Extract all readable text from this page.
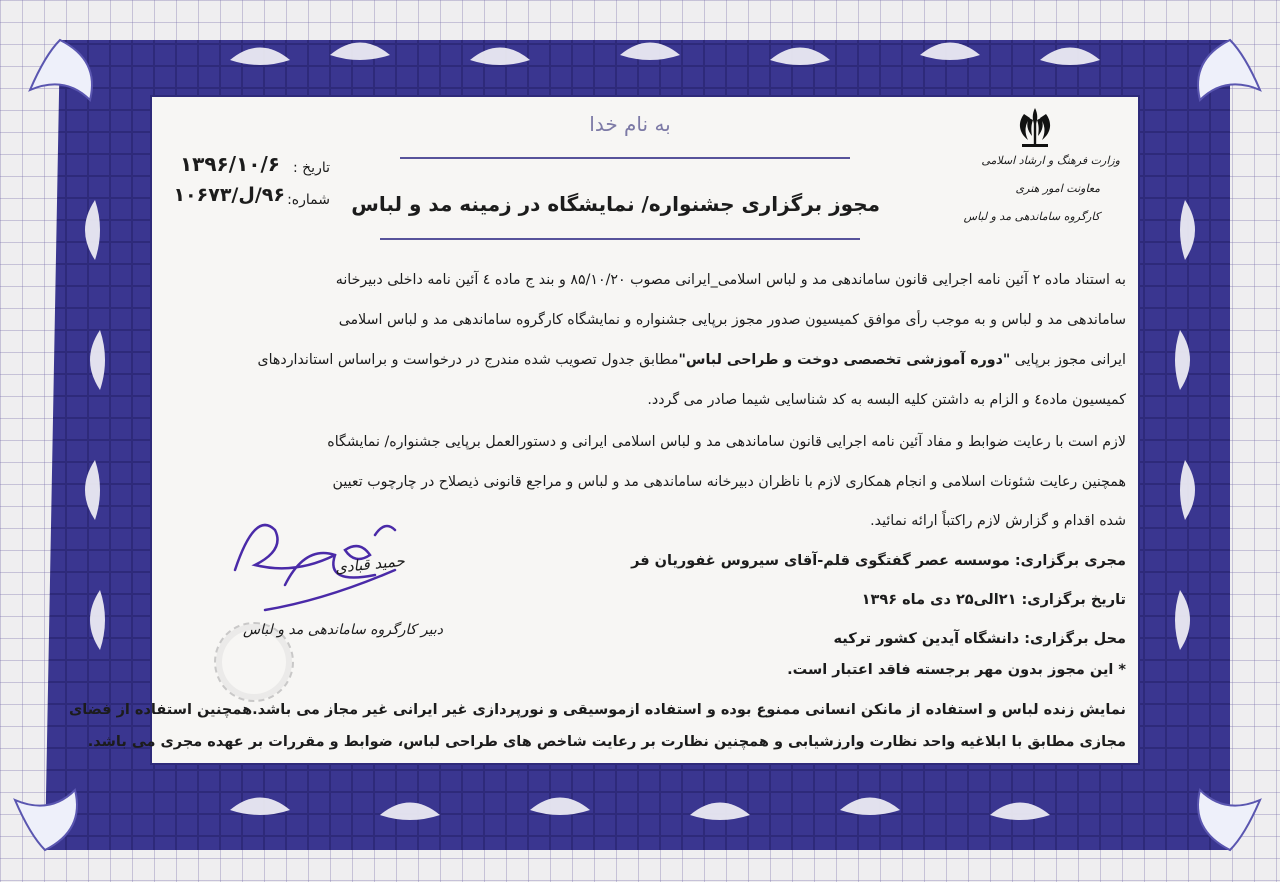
به نام خدا
مجوز برگزاری جشنواره/ نمایشگاه در زمینه مد و لباس
تاریخ :
۱۳۹۶/۱۰/۶
شماره:
۹۶/ل/۱۰۶۷۳
وزارت فرهنگ و ارشاد اسلامی
معاونت امور هنری
کارگروه ساماندهی مد و لباس
به استناد ماده ۲ آئین نامه اجرایی قانون ساماندهی مد و لباس اسلامی_ایرانی مصوب ۸۵/۱۰/۲۰ و بند ج ماده ٤ آئین نامه داخلی دبیرخانه
ساماندهی مد و لباس و به موجب رأی موافق کمیسیون صدور مجوز برپایی جشنواره و نمایشگاه کارگروه ساماندهی مد و لباس اسلامی
ایرانی مجوز برپایی "دوره آموزشی تخصصی دوخت و طراحی لباس"مطابق جدول تصویب شده مندرج در درخواست و براساس استانداردهای
کمیسیون ماده٤ و الزام به داشتن کلیه البسه به کد شناسایی شیما صادر می گردد.
لازم است با رعایت ضوابط و مفاد آئین نامه اجرایی قانون ساماندهی مد و لباس اسلامی ایرانی و دستورالعمل برپایی جشنواره/ نمایشگاه
همچنین رعایت شئونات اسلامی و انجام همکاری لازم با ناظران دبیرخانه ساماندهی مد و لباس و مراجع قانونی ذیصلاح در چارچوب تعیین
شده اقدام و گزارش لازم راکتباً ارائه نمائید.
مجری برگزاری: موسسه عصر گفتگوی قلم-آقای سیروس غفوریان فر
تاریخ برگزاری: ۲۱الی۲۵ دی ماه ۱۳۹۶
محل برگزاری: دانشگاه آیدین کشور ترکیه
* این مجوز بدون مهر برجسته فاقد اعتبار است.
نمایش زنده لباس و استفاده از مانکن انسانی ممنوع بوده و استفاده ازموسیقی و نورپردازی غیر ایرانی غیر مجاز می باشد.همچنین استفاده از فضای
مجازی مطابق با ابلاغیه واحد نظارت وارزشیابی و همچنین نظارت بر رعایت شاخص های طراحی لباس، ضوابط و مقررات بر عهده مجری می باشد.
حمید قبادی
دبیر کارگروه ساماندهی مد و لباس
